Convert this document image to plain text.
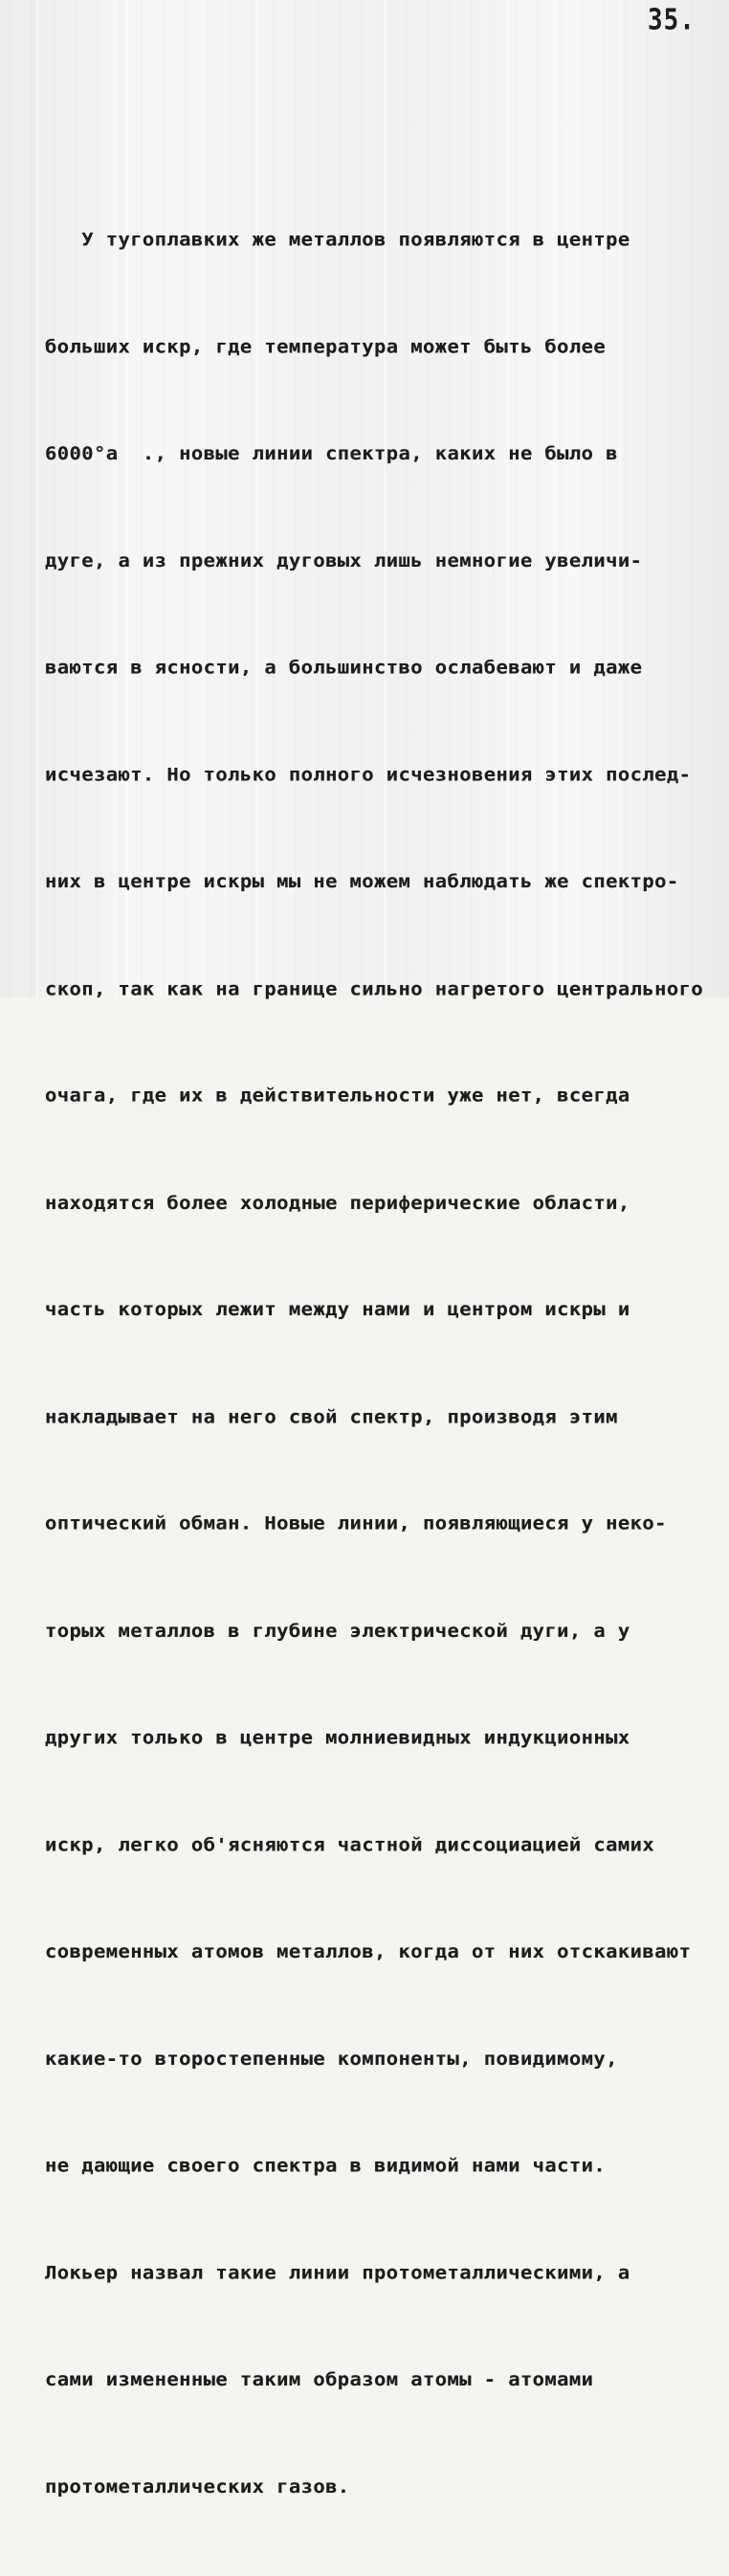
35.

У тугоплавких же металлов появляются в центре

больших искр, где температура может быть более

6000°а  ., новые линии спектра, каких не было в

дуге, а из прежних дуговых лишь немногие увеличи-

ваются в ясности, а большинство ослабевают и даже

исчезают. Но только полного исчезновения этих послед-

них в центре искры мы не можем наблюдать же спектро-

скоп, так как на границе сильно нагретого центрального

очага, где их в действительности уже нет, всегда

находятся более холодные периферические области,

часть которых лежит между нами и центром искры и

накладывает на него свой спектр, производя этим

оптический обман. Новые линии, появляющиеся у неко-

торых металлов в глубине электрической дуги, а у

других только в центре молниевидных индукционных

искр, легко об'ясняются частной диссоциацией самих

современных атомов металлов, когда от них отскакивают

какие-то второстепенные компоненты, повидимому,

не дающие своего спектра в видимой нами части.

Локьер назвал такие линии протометаллическими, а

сами измененные таким образом атомы - атомами

протометаллических газов.
